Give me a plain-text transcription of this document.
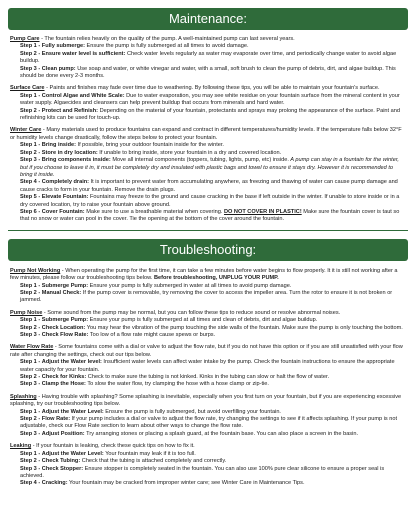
Maintenance:

Pump Care - The fountain relies heavily on the quality of the pump. A well-maintained pump can last several years.

Step 1 - Fully submerge: Ensure the pump is fully submerged at all times to avoid damage.

Step 2 - Ensure water level is sufficient: Check water levels regularly as water may evaporate over time, and periodically change water to avoid algae buildup.

Step 3 - Clean pump: Use soap and water, or white vinegar and water, with a small, soft brush to clean the pump of debris, dirt, and algae buildup. This should be done every 2-3 months.

Surface Care - Paints and finishes may fade over time due to weathering. By following these tips, you will be able to maintain your fountain's surface.

Step 1 - Control Algae and White Scale: Due to water evaporation, you may see white residue on your fountain surface from the mineral content in your water supply. Algaecides and cleansers can help prevent buildup that occurs from minerals and hard water.

Step 2 - Protect and Refinish: Depending on the material of your fountain, protectants and sprays may prolong the appearance of the surface. Paint and refinishing kits can be used for touch-up.

Winter Care - Many materials used to produce fountains can expand and contract in different temperatures/humidity levels. If the temperature falls below 32°F or humidity levels change drastically, follow the steps below to protect your fountain.

Step 1 - Bring inside: If possible, bring your outdoor fountain inside for the winter.

Step 2 - Store in dry location: If unable to bring inside, store your fountain in a dry and covered location.

Step 3 - Bring components inside: Move all internal components (toppers, tubing, lights, pump, etc) inside. A pump can stay in a fountain for the winter, but if you choose to leave it in, it must be completely dry and insulated with plastic bags and towel to ensure it stays dry. However it is recommended to bring it inside.

Step 4 - Completely drain: It is important to prevent water from accumulating anywhere, as freezing and thawing of water can cause pump damage and cause cracks to form in your fountain. Remove the drain plugs.

Step 5 - Elevate Fountain: Fountains may freeze to the ground and cause cracking in the base if left outside in the winter. If unable to store inside or in a dry covered location, try to raise your fountain above ground.

Step 6 - Cover Fountain: Make sure to use a breathable material when covering. DO NOT COVER IN PLASTIC! Make sure the fountain cover is taut so that no snow or water can pool in the cover. Tie the opening at the bottom of the cover around the fountain.

Troubleshooting:

Pump Not Working - When operating the pump for the first time, it can take a few minutes before water begins to flow properly. It it is still not working after a few minutes, please follow our troubleshooting tips below. Before troubleshooting, UNPLUG YOUR PUMP.

Step 1 - Submerge Pump: Ensure your pump is fully submerged in water at all times to avoid pump damage.

Step 2 - Manual Check: If the pump cover is removable, try removing the cover to access the impeller area. Turn the rotor to ensure it is not broken or jammed.

Pump Noise - Some sound from the pump may be normal, but you can follow these tips to reduce sound or resolve abnormal noises.

Step 1 - Submerge Pump: Ensure your pump is fully submerged at all times and clean of debris, dirt and algae buildup.

Step 2 - Check Location: You may hear the vibration of the pump touching the side walls of the fountain. Make sure the pump is only touching the bottom.

Step 3 - Check Flow Rate: Too low of a flow rate might cause spews or burps.

Water Flow Rate - Some fountains come with a dial or valve to adjust the flow rate, but if you do not have this option or if you are still unsatisfied with your flow rate after changing the settings, check out our tips below.

Step 1 - Adjust the Water level: Insufficient water levels can affect water intake by the pump. Check the fountain instructions to ensure the appropriate water capacity for your fountain.

Step 2 - Check for Kinks: Check to make sure the tubing is not kinked. Kinks in the tubing can slow or halt the flow of water.

Step 3 - Clamp the Hose: To slow the water flow, try clamping the hose with a hose clamp or zip-tie.

Splashing - Having trouble with splashing? Some splashing is inevitable, especially when you first turn on your fountain, but if you are experiencing excessive splashing, try our troubleshooting tips below.

Step 1 - Adjust the Water Level: Ensure the pump is fully submerged, but avoid overfilling your fountain.

Step 2 - Flow Rate: If your pump includes a dial or valve to adjust the flow rate, try changing the settings to see if it affects splashing. If your pump is not adjustable, check our Flow Rate section to learn about other ways to change the flow rate.

Step 3 - Adjust Position: Try arranging stones or placing a splash guard, at the fountain base. You can also place a screen in the basin.

Leaking - If your fountain is leaking, check these quick tips on how to fix it.

Step 1 - Adjust the Water Level: Your fountain may leak if it is too full.

Step 2 - Check Tubing: Check that the tubing is attached completely and correctly.

Step 3 - Check Stopper: Ensure stopper is completely seated in the fountain. You can also use 100% pure clear silicone to ensure a proper seal is achieved.

Step 4 - Cracking: Your fountain may be cracked from improper winter care; see Winter Care in Maintenance Tips.
